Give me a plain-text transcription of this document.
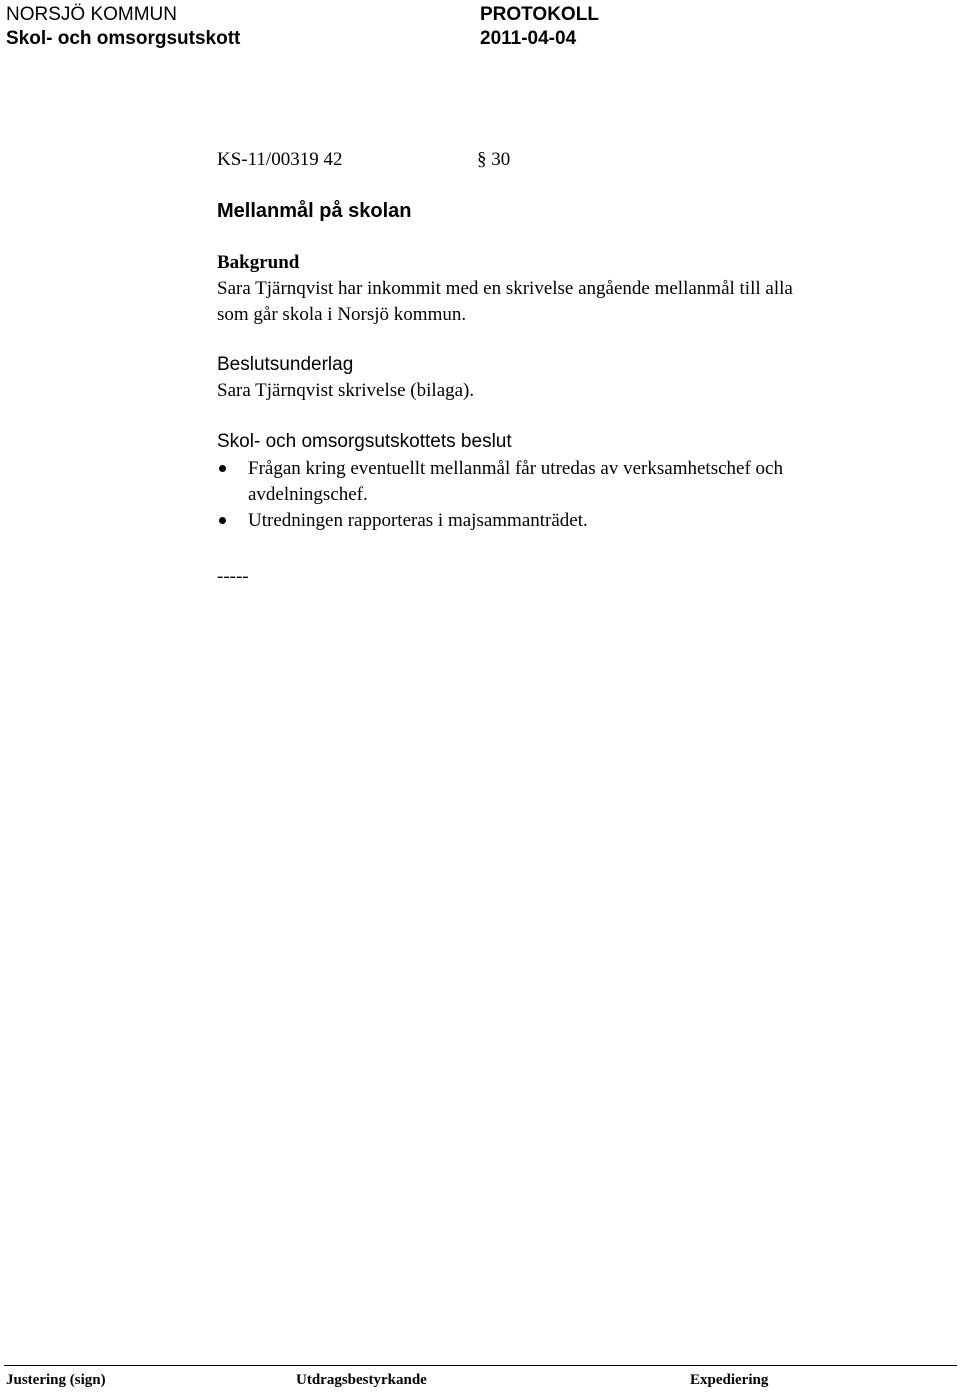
NORSJÖ KOMMUN	PROTOKOLL
Skol- och omsorgsutskott	2011-04-04
KS-11/00319 42	§ 30
Mellanmål på skolan
Bakgrund
Sara Tjärnqvist har inkommit med en skrivelse angående mellanmål till alla
som går skola i Norsjö kommun.
Beslutsunderlag
Sara Tjärnqvist skrivelse (bilaga).
Skol- och omsorgsutskottets beslut
Frågan kring eventuellt mellanmål får utredas av verksamhetschef och
avdelningschef.
Utredningen rapporteras i majsammanträdet.
-----
Justering (sign)	Utdragsbestyrkande	Expediering
